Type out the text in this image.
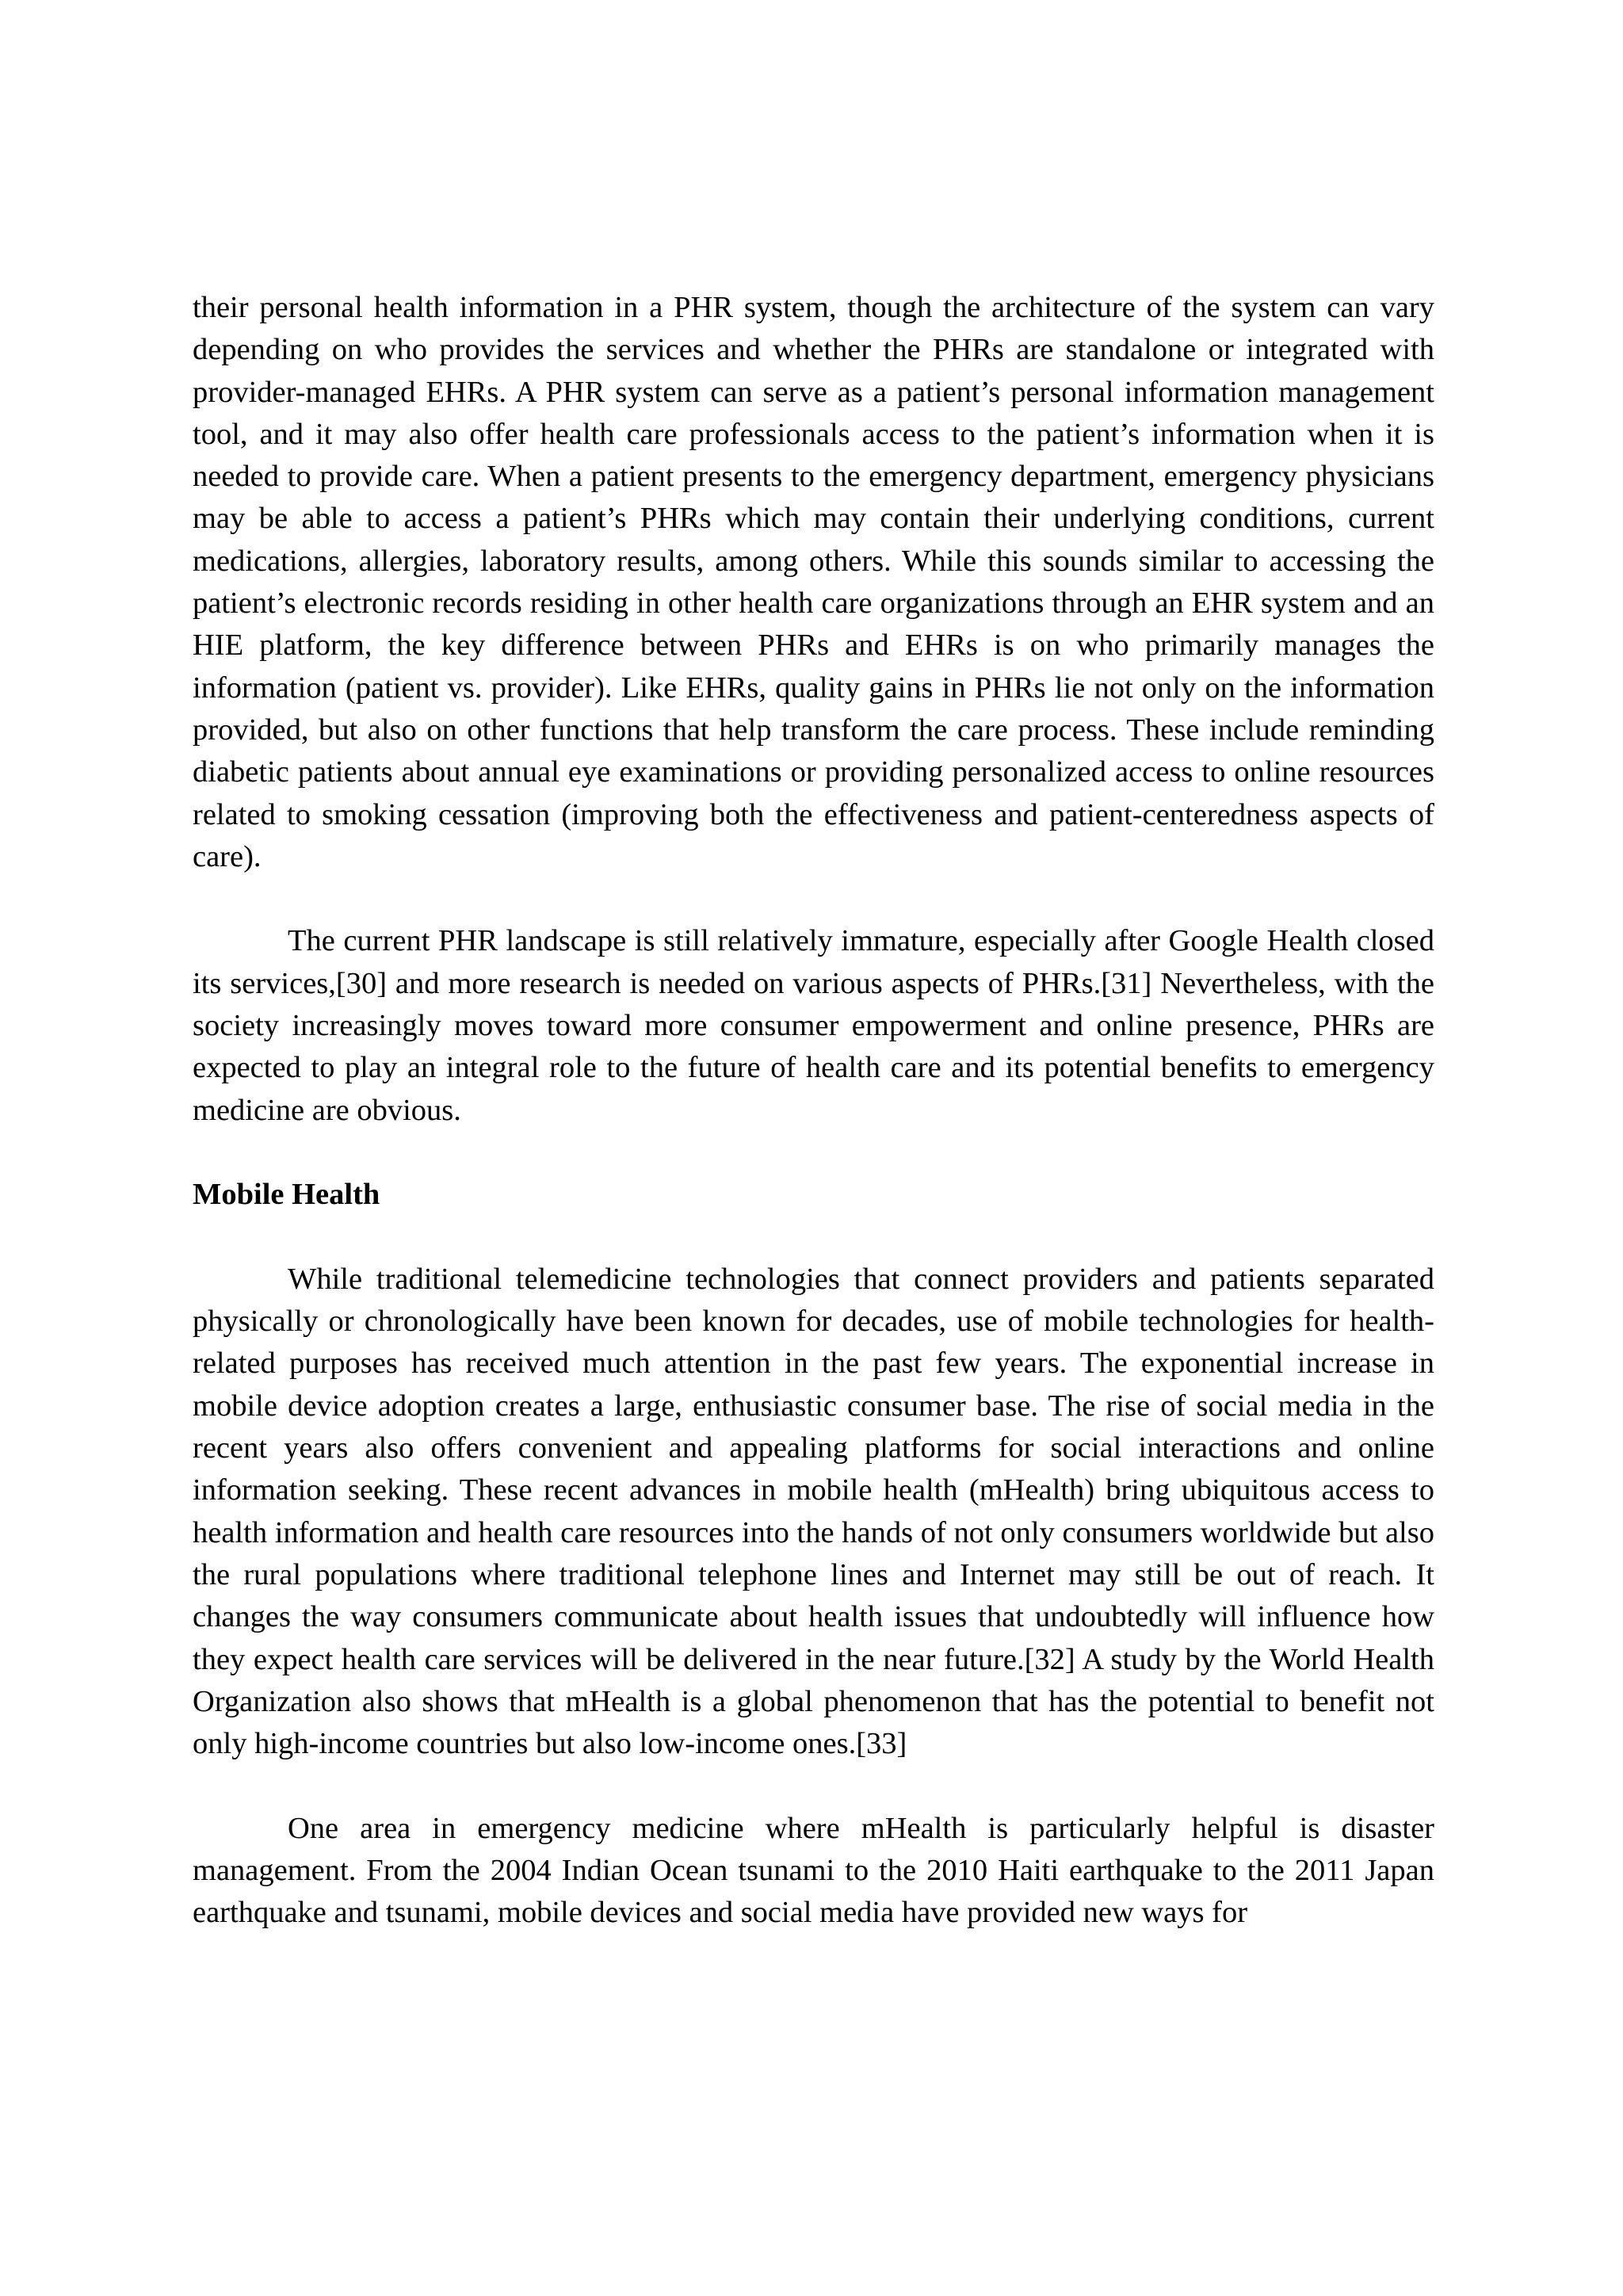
their personal health information in a PHR system, though the architecture of the system can vary depending on who provides the services and whether the PHRs are standalone or integrated with provider-managed EHRs. A PHR system can serve as a patient’s personal information management tool, and it may also offer health care professionals access to the patient’s information when it is needed to provide care. When a patient presents to the emergency department, emergency physicians may be able to access a patient’s PHRs which may contain their underlying conditions, current medications, allergies, laboratory results, among others. While this sounds similar to accessing the patient’s electronic records residing in other health care organizations through an EHR system and an HIE platform, the key difference between PHRs and EHRs is on who primarily manages the information (patient vs. provider). Like EHRs, quality gains in PHRs lie not only on the information provided, but also on other functions that help transform the care process. These include reminding diabetic patients about annual eye examinations or providing personalized access to online resources related to smoking cessation (improving both the effectiveness and patient-centeredness aspects of care).

The current PHR landscape is still relatively immature, especially after Google Health closed its services,[30] and more research is needed on various aspects of PHRs.[31] Nevertheless, with the society increasingly moves toward more consumer empowerment and online presence, PHRs are expected to play an integral role to the future of health care and its potential benefits to emergency medicine are obvious.

Mobile Health

While traditional telemedicine technologies that connect providers and patients separated physically or chronologically have been known for decades, use of mobile technologies for health-related purposes has received much attention in the past few years. The exponential increase in mobile device adoption creates a large, enthusiastic consumer base. The rise of social media in the recent years also offers convenient and appealing platforms for social interactions and online information seeking. These recent advances in mobile health (mHealth) bring ubiquitous access to health information and health care resources into the hands of not only consumers worldwide but also the rural populations where traditional telephone lines and Internet may still be out of reach. It changes the way consumers communicate about health issues that undoubtedly will influence how they expect health care services will be delivered in the near future.[32] A study by the World Health Organization also shows that mHealth is a global phenomenon that has the potential to benefit not only high-income countries but also low-income ones.[33]

One area in emergency medicine where mHealth is particularly helpful is disaster management. From the 2004 Indian Ocean tsunami to the 2010 Haiti earthquake to the 2011 Japan earthquake and tsunami, mobile devices and social media have provided new ways for
